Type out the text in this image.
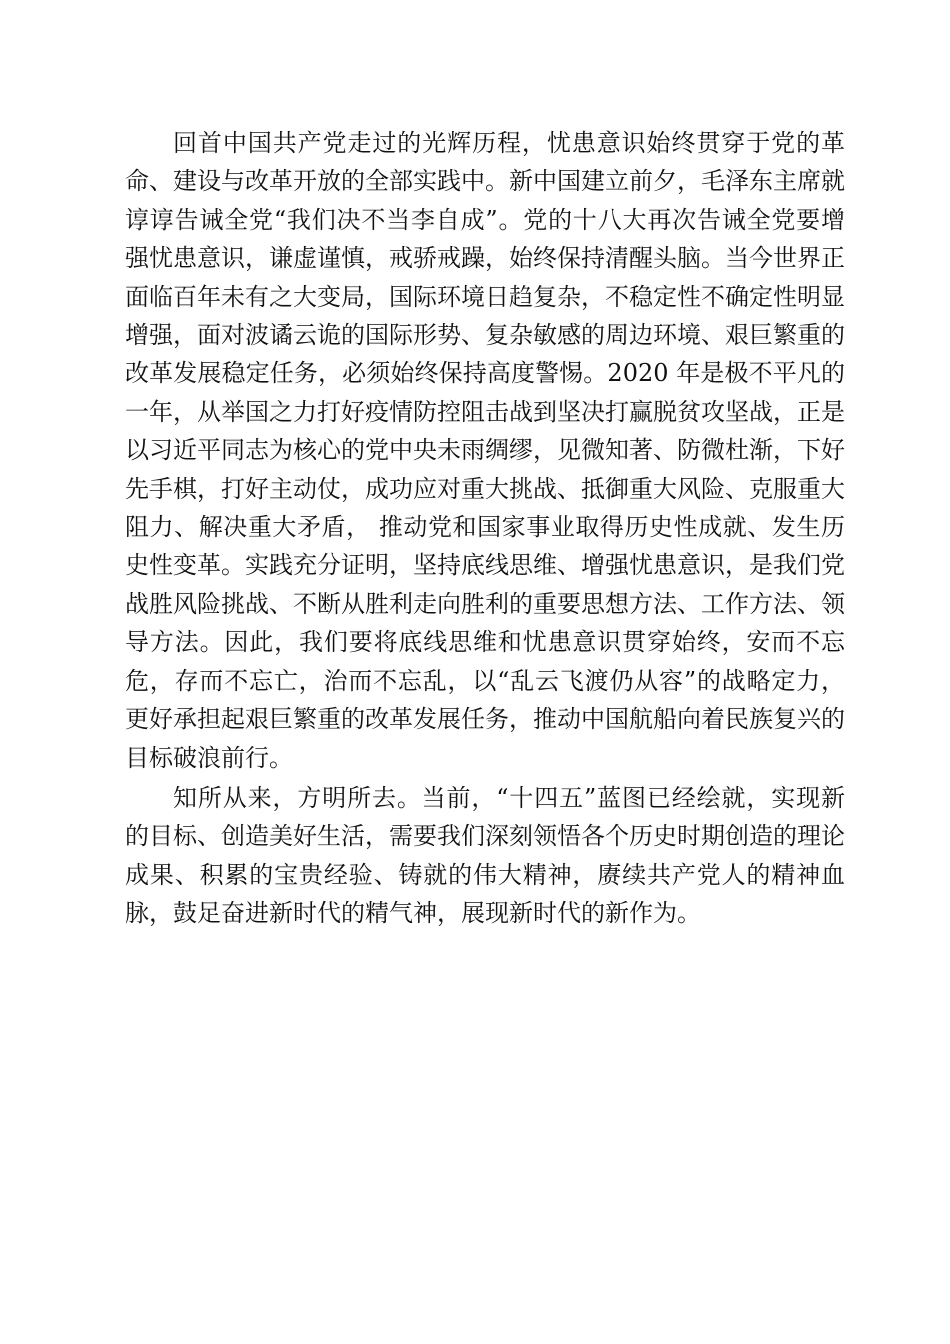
回首中国共产党走过的光辉历程，忧患意识始终贯穿于党的革命、建设与改革开放的全部实践中。新中国建立前夕，毛泽东主席就谆谆告诫全党“我们决不当李自成”。党的十八大再次告诫全党要增强忧患意识，谦虚谨慎，戒骄戒躁，始终保持清醒头脑。当今世界正面临百年未有之大变局，国际环境日趋复杂，不稳定性不确定性明显增强，面对波谲云诡的国际形势、复杂敏感的周边环境、艰巨繁重的改革发展稳定任务，必须始终保持高度警惕。2020 年是极不平凡的一年，从举国之力打好疫情防控阻击战到坚决打赢脱贫攻坚战，正是以习近平同志为核心的党中央未雨绸缪，见微知著、防微杜渐，下好先手棋，打好主动仗，成功应对重大挑战、抵御重大风险、克服重大阻力、解决重大矛盾， 推动党和国家事业取得历史性成就、发生历史性变革。实践充分证明，坚持底线思维、增强忧患意识，是我们党战胜风险挑战、不断从胜利走向胜利的重要思想方法、工作方法、领导方法。因此，我们要将底线思维和忧患意识贯穿始终，安而不忘危，存而不忘亡，治而不忘乱，以“乱云飞渡仍从容”的战略定力，更好承担起艰巨繁重的改革发展任务，推动中国航船向着民族复兴的目标破浪前行。

知所从来，方明所去。当前，“十四五”蓝图已经绘就，实现新的目标、创造美好生活，需要我们深刻领悟各个历史时期创造的理论成果、积累的宝贵经验、铸就的伟大精神，赓续共产党人的精神血脉，鼓足奋进新时代的精气神，展现新时代的新作为。
